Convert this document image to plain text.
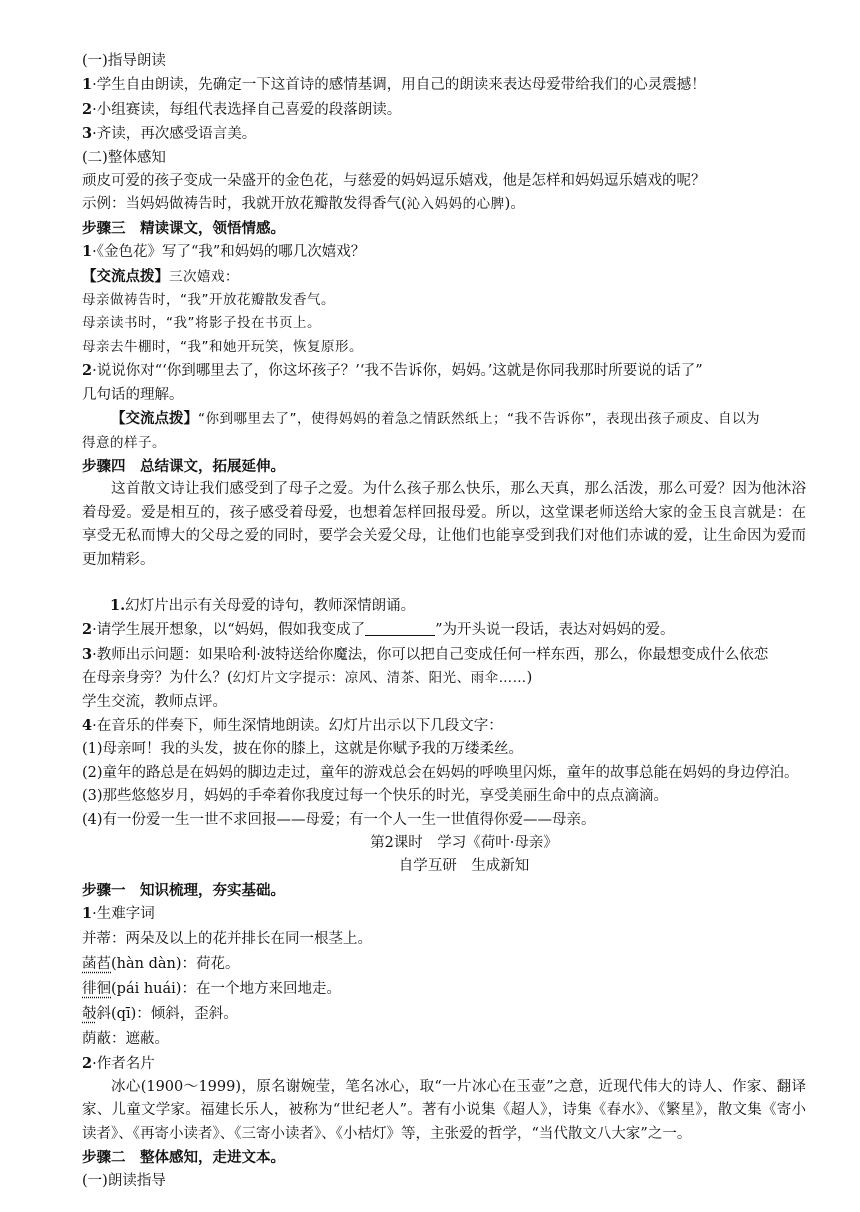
(一)指导朗读
1·学生自由朗读，先确定一下这首诗的感情基调，用自己的朗读来表达母爱带给我们的心灵震撼！
2·小组赛读，每组代表选择自己喜爱的段落朗读。
3·齐读，再次感受语言美。
(二)整体感知
顽皮可爱的孩子变成一朵盛开的金色花，与慈爱的妈妈逗乐嬉戏，他是怎样和妈妈逗乐嬉戏的呢？
示例：当妈妈做祷告时，我就开放花瓣散发得香气(沁入妈妈的心脾)。
步骤三　精读课文，领悟情感。
1·《金色花》写了“我”和妈妈的哪几次嬉戏？
【交流点拨】三次嬉戏：
母亲做祷告时，“我”开放花瓣散发香气。
母亲读书时，“我”将影子投在书页上。
母亲去牛棚时，“我”和她开玩笑，恢复原形。
2·说说你对“‘你到哪里去了，你这坏孩子？’‘我不告诉你，妈妈。’这就是你同我那时所要说的话了”
几句话的理解。
【交流点拨】“你到哪里去了”，使得妈妈的着急之情跃然纸上；“我不告诉你”，表现出孩子顽皮、自以为
得意的样子。
步骤四　总结课文，拓展延伸。
这首散文诗让我们感受到了母子之爱。为什么孩子那么快乐，那么天真，那么活泼，那么可爱？因为他沐浴着母爱。爱是相互的，孩子感受着母爱，也想着怎样回报母爱。所以，这堂课老师送给大家的金玉良言就是：在享受无私而博大的父母之爱的同时，要学会关爱父母，让他们也能享受到我们对他们赤诚的爱，让生命因为爱而更加精彩。
1.幻灯片出示有关母爱的诗句，教师深情朗诵。
2·请学生展开想象，以“妈妈，假如我变成了	”为开头说一段话，表达对妈妈的爱。
3·教师出示问题：如果哈利·波特送给你魔法，你可以把自己变成任何一样东西，那么，你最想变成什么依恋
在母亲身旁？为什么？(幻灯片文字提示：凉风、清茶、阳光、雨伞……)
学生交流，教师点评。
4·在音乐的伴奏下，师生深情地朗读。幻灯片出示以下几段文字：
(1)母亲呵！我的头发，披在你的膝上，这就是你赋予我的万缕柔丝。
(2)童年的路总是在妈妈的脚边走过，童年的游戏总会在妈妈的呼唤里闪烁，童年的故事总能在妈妈的身边停泊。
(3)那些悠悠岁月，妈妈的手牵着你我度过每一个快乐的时光，享受美丽生命中的点点滴滴。
(4)有一份爱一生一世不求回报——母爱；有一个人一生一世值得你爱——母亲。
第2课时　学习《荷叶·母亲》
自学互研　生成新知
步骤一　知识梳理，夯实基础。
1·生难字词
并蒂：两朵及以上的花并排长在同一根茎上。
菡萏(hàn dàn)：荷花。
徘徊(pái huái)：在一个地方来回地走。
攲斜(qī)：倾斜，歪斜。
荫蔽：遮蔽。
2·作者名片
冰心(1900～1999)，原名谢婉莹，笔名冰心，取“一片冰心在玉壶”之意，近现代伟大的诗人、作家、翻译家、儿童文学家。福建长乐人，被称为“世纪老人”。著有小说集《超人》，诗集《春水》、《繁星》，散文集《寄小读者》、《再寄小读者》、《三寄小读者》、《小桔灯》等，主张爱的哲学，“当代散文八大家”之一。
步骤二　整体感知，走进文本。
(一)朗读指导
